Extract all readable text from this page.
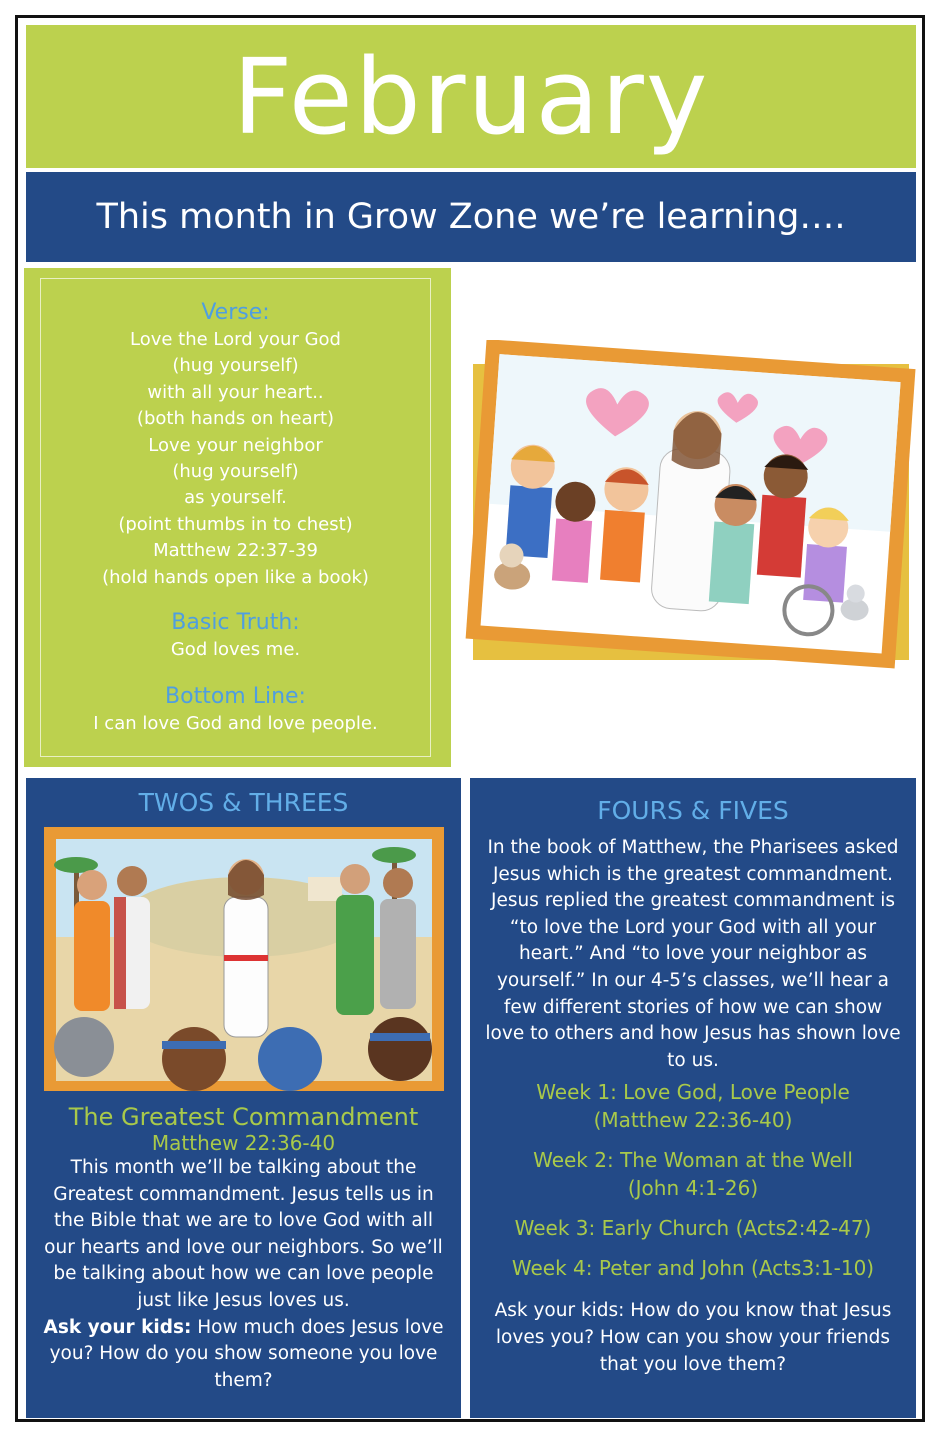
February
This month in Grow Zone we’re learning….

Verse:

Love the Lord your God
(hug yourself)
with all your heart..
(both hands on heart)
Love your neighbor
(hug yourself)
as yourself.
(point thumbs in to chest)
Matthew 22:37-39
(hold hands open like a book)

Basic Truth:

God loves me.

Bottom Line:

I can love God and love people.
TWOS & THREES
The Greatest Commandment
Matthew 22:36-40
This month we’ll be talking about the Greatest commandment. Jesus tells us in the Bible that we are to love God with all our hearts and love our neighbors. So we’ll be talking about how we can love people just like Jesus loves us.
Ask your kids: How much does Jesus love you? How do you show someone you love them?
FOURS & FIVES
In the book of Matthew, the Pharisees asked Jesus which is the greatest commandment. Jesus replied the greatest commandment is “to love the Lord your God with all your heart.” And “to love your neighbor as yourself.” In our 4-5’s classes, we’ll hear a few different stories of how we can show love to others and how Jesus has shown love to us.
Week 1: Love God, Love People
(Matthew 22:36-40)
Week 2: The Woman at the Well
(John 4:1-26)
Week 3: Early Church (Acts2:42-47)
Week 4: Peter and John (Acts3:1-10)
Ask your kids: How do you know that Jesus loves you? How can you show your friends that you love them?
